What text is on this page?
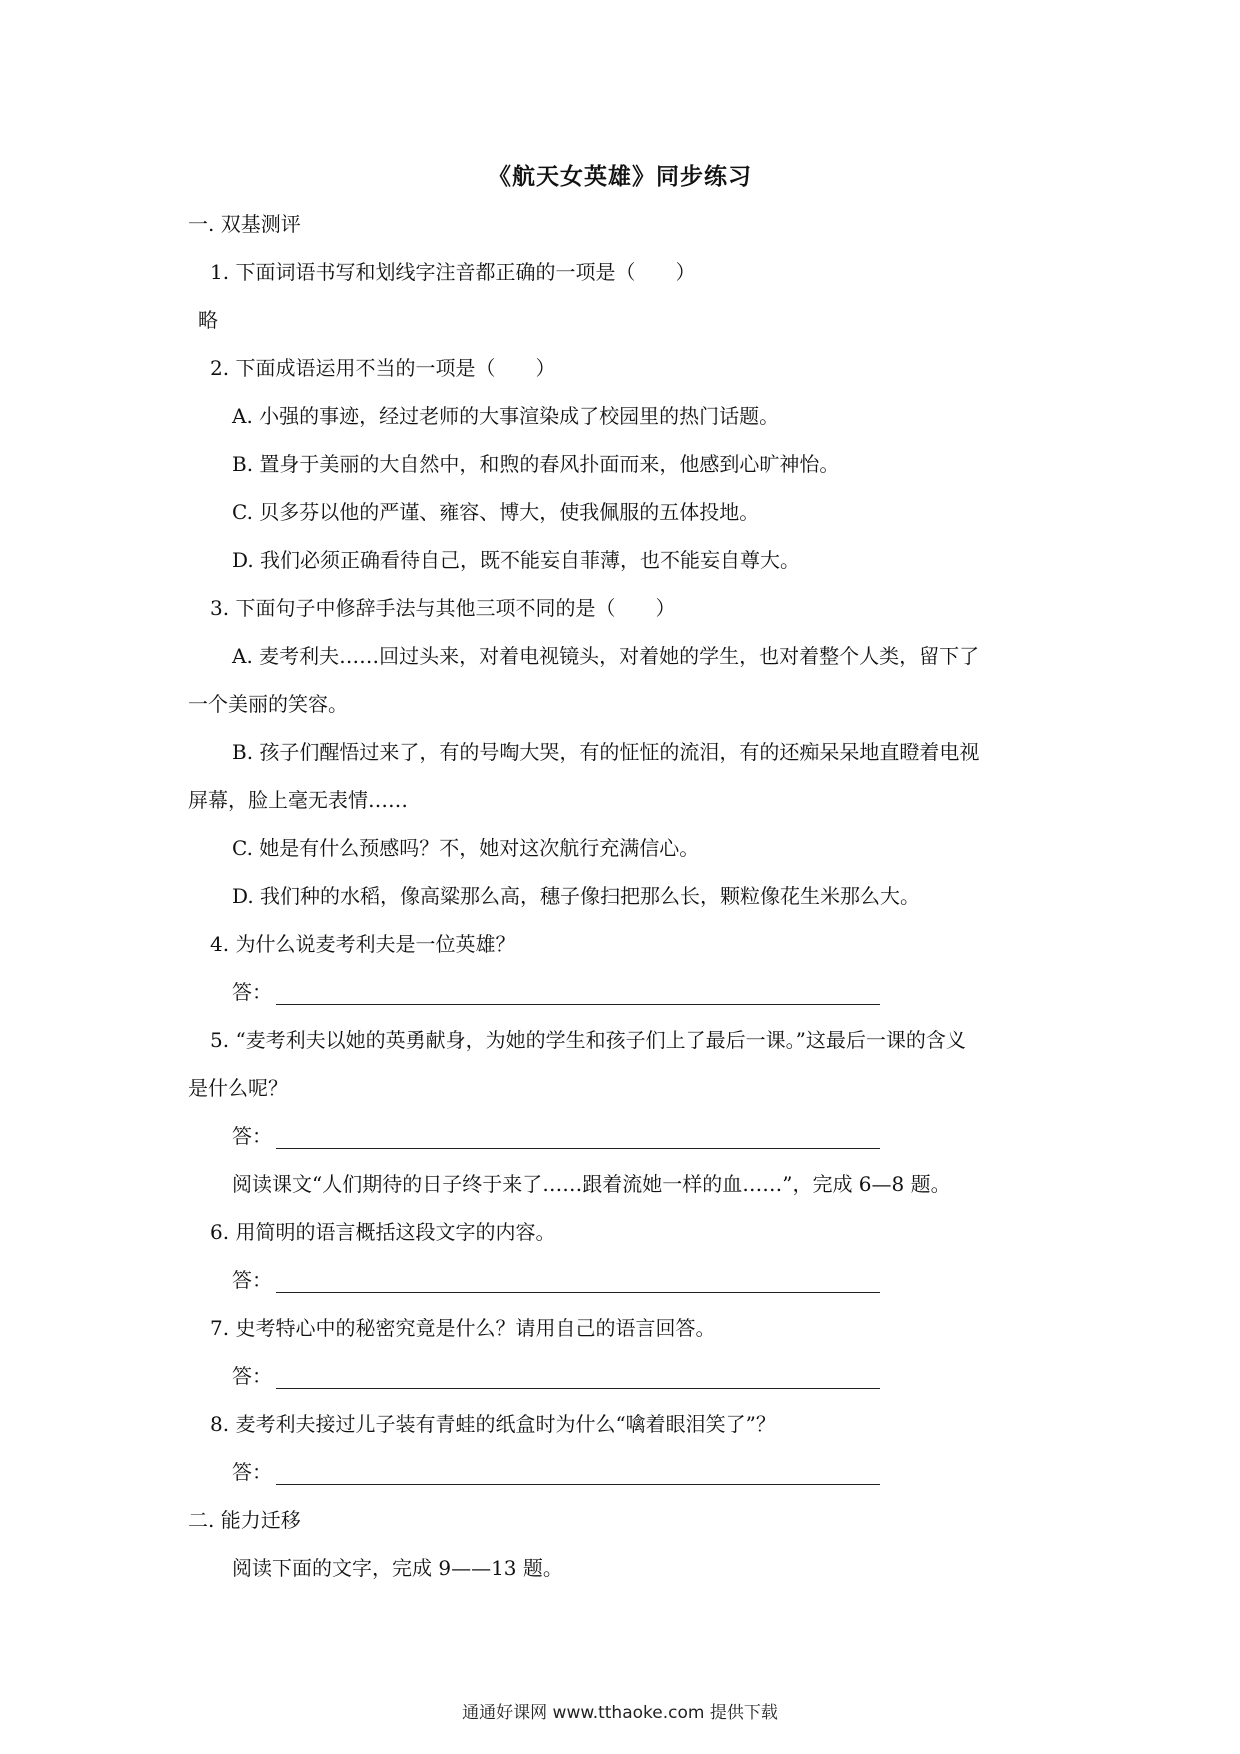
《航天女英雄》同步练习
一. 双基测评
1. 下面词语书写和划线字注音都正确的一项是（　　）
略
2. 下面成语运用不当的一项是（　　）
A. 小强的事迹，经过老师的大事渲染成了校园里的热门话题。
B. 置身于美丽的大自然中，和煦的春风扑面而来，他感到心旷神怡。
C. 贝多芬以他的严谨、雍容、博大，使我佩服的五体投地。
D. 我们必须正确看待自己，既不能妄自菲薄，也不能妄自尊大。
3. 下面句子中修辞手法与其他三项不同的是（　　）
A. 麦考利夫……回过头来，对着电视镜头，对着她的学生，也对着整个人类，留下了
一个美丽的笑容。
B. 孩子们醒悟过来了，有的号啕大哭，有的怔怔的流泪，有的还痴呆呆地直瞪着电视
屏幕，脸上毫无表情……
C. 她是有什么预感吗？不，她对这次航行充满信心。
D. 我们种的水稻，像高粱那么高，穗子像扫把那么长，颗粒像花生米那么大。
4. 为什么说麦考利夫是一位英雄？
答：
5. “麦考利夫以她的英勇献身，为她的学生和孩子们上了最后一课。”这最后一课的含义
是什么呢？
答：
阅读课文“人们期待的日子终于来了……跟着流她一样的血……”，完成 6—8 题。
6. 用简明的语言概括这段文字的内容。
答：
7. 史考特心中的秘密究竟是什么？请用自己的语言回答。
答：
8. 麦考利夫接过儿子装有青蛙的纸盒时为什么“噙着眼泪笑了”？
答：
二. 能力迁移
阅读下面的文字，完成 9——13 题。
通通好课网 www.tthaoke.com 提供下载
